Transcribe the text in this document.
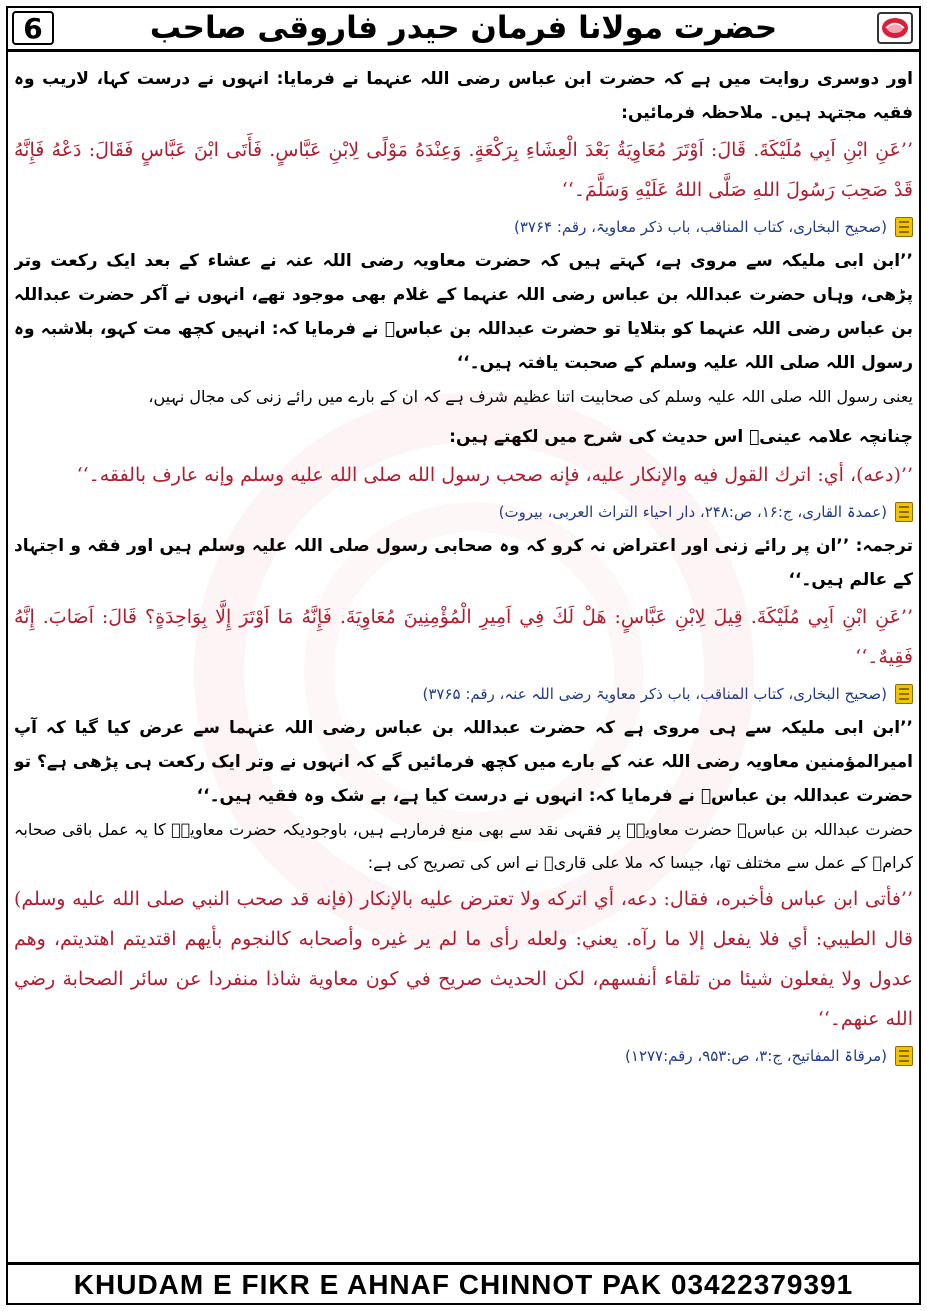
6	حضرت مولانا فرمان حیدر فاروقی صاحب

اور دوسری روایت میں ہے کہ حضرت ابن عباس رضی اللہ عنہما نے فرمایا: انہوں نے درست کہا، لاریب وہ فقیہ مجتہد ہیں۔ ملاحظہ فرمائیں:

’’عَنِ ابْنِ اَبِي مُلَيْكَةَ. قَالَ: اَوْتَرَ مُعَاوِيَةُ بَعْدَ الْعِشَاءِ بِرَكْعَةٍ. وَعِنْدَهُ مَوْلًى لِابْنِ عَبَّاسٍ. فَأَتَى ابْنَ عَبَّاسٍ فَقَالَ: دَعْهُ فَإِنَّهُ قَدْ صَحِبَ رَسُولَ اللهِ صَلَّى اللهُ عَلَيْهِ وَسَلَّمَ۔‘‘

(صحیح البخاری، کتاب المناقب، باب ذکر معاویۃ، رقم: ۳۷۶۴)

’’ابن ابی ملیکہ سے مروی ہے، کہتے ہیں کہ حضرت معاویہ رضی اللہ عنہ نے عشاء کے بعد ایک رکعت وتر پڑھی، وہاں حضرت عبداللہ بن عباس رضی اللہ عنہما کے غلام بھی موجود تھے، انہوں نے آکر حضرت عبداللہ بن عباس رضی اللہ عنہما کو بتلایا تو حضرت عبداللہ بن عباسؓ نے فرمایا کہ: انہیں کچھ مت کہو، بلاشبہ وہ رسول اللہ صلی اللہ علیہ وسلم کے صحبت یافتہ ہیں۔‘‘

یعنی رسول اللہ صلی اللہ علیہ وسلم کی صحابیت اتنا عظیم شرف ہے کہ ان کے بارے میں رائے زنی کی مجال نہیں،

چنانچہ علامہ عینیؒ اس حدیث کی شرح میں لکھتے ہیں:

’’(دعه)، أي: اترك القول فيه والإنكار عليه، فإنه صحب رسول الله صلى الله عليه وسلم وإنه عارف بالفقه۔‘‘

(عمدۃ القاری، ج:۱۶، ص:۲۴۸، دار احیاء التراث العربی، بیروت)

ترجمہ: ’’ان پر رائے زنی اور اعتراض نہ کرو کہ وہ صحابی رسول صلی اللہ علیہ وسلم ہیں اور فقہ و اجتہاد کے عالم ہیں۔‘‘

’’عَنِ ابْنِ اَبِي مُلَيْكَةَ. قِيلَ لِابْنِ عَبَّاسٍ: هَلْ لَكَ فِي اَمِيرِ الْمُؤْمِنِينَ مُعَاوِيَةَ. فَإِنَّهُ مَا اَوْتَرَ إِلَّا بِوَاحِدَةٍ؟ قَالَ: اَصَابَ. إِنَّهُ فَقِيهٌ۔‘‘

(صحیح البخاری، کتاب المناقب، باب ذکر معاویۃ رضی اللہ عنہ، رقم: ۳۷۶۵)

’’ابن ابی ملیکہ سے ہی مروی ہے کہ حضرت عبداللہ بن عباس رضی اللہ عنہما سے عرض کیا گیا کہ آپ امیرالمؤمنین معاویہ رضی اللہ عنہ کے بارے میں کچھ فرمائیں گے کہ انہوں نے وتر ایک رکعت ہی پڑھی ہے؟ تو حضرت عبداللہ بن عباسؓ نے فرمایا کہ: انہوں نے درست کیا ہے، بے شک وہ فقیہ ہیں۔‘‘

حضرت عبداللہ بن عباسؓ حضرت معاویہؓ پر فقہی نقد سے بھی منع فرمارہے ہیں، باوجودیکہ حضرت معاویہؓ کا یہ عمل باقی صحابہ کرامؓ کے عمل سے مختلف تھا، جیسا کہ ملا علی قاریؒ نے اس کی تصریح کی ہے:

’’فأتى ابن عباس فأخبره، فقال: دعه، أي اتركه ولا تعترض عليه بالإنكار (فإنه قد صحب النبي صلى الله عليه وسلم) قال الطيبي: أي فلا يفعل إلا ما رآه. يعني: ولعله رأى ما لم ير غيره وأصحابه كالنجوم بأيهم اقتديتم اهتديتم، وهم عدول ولا يفعلون شيئا من تلقاء أنفسهم، لكن الحديث صريح في كون معاوية شاذا منفردا عن سائر الصحابة رضي الله عنهم۔‘‘

(مرقاۃ المفاتیح، ج:۳، ص:۹۵۳، رقم:۱۲۷۷)
KHUDAM E FIKR E AHNAF CHINNOT PAK 03422379391
